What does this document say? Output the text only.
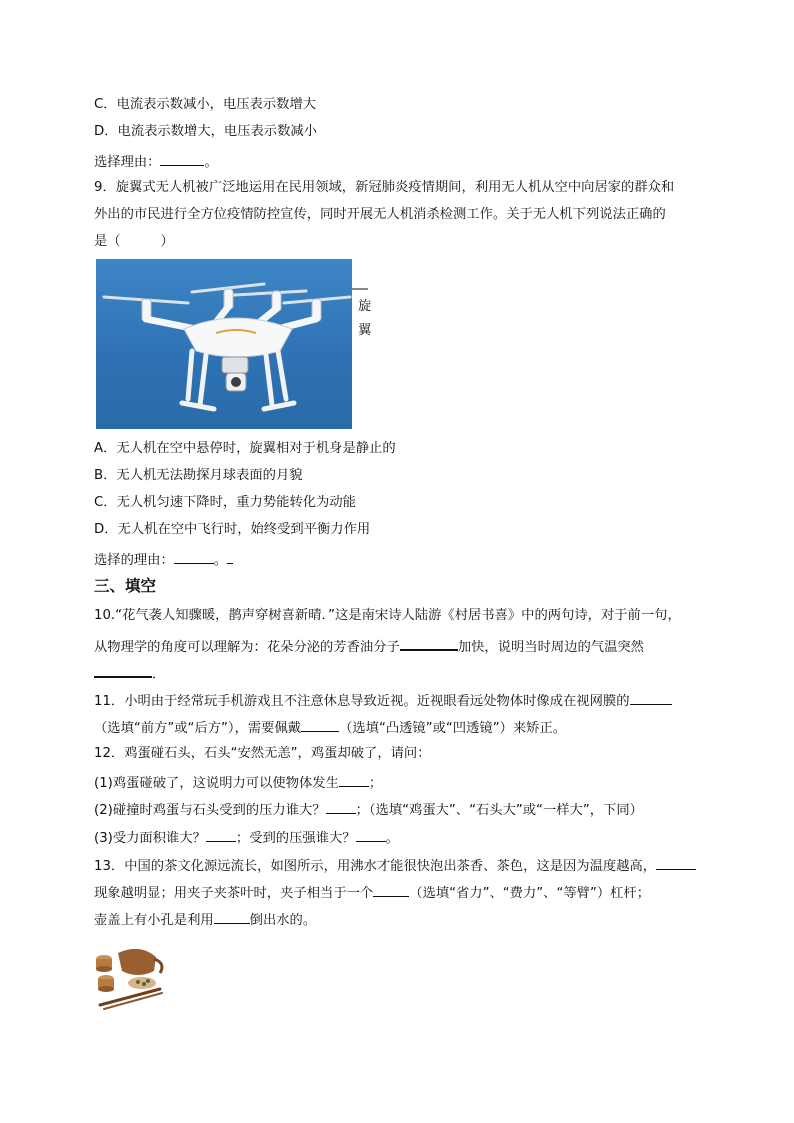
C．电流表示数减小，电压表示数增大
D．电流表示数增大，电压表示数减小
选择理由：	。
9．旋翼式无人机被广泛地运用在民用领域，新冠肺炎疫情期间，利用无人机从空中向居家的群众和
外出的市民进行全方位疫情防控宣传，同时开展无人机消杀检测工作。关于无人机下列说法正确的
是（　　　）
旋
翼
A．无人机在空中悬停时，旋翼相对于机身是静止的
B．无人机无法勘探月球表面的月貌
C．无人机匀速下降时，重力势能转化为动能
D．无人机在空中飞行时，始终受到平衡力作用
选择的理由：	。
三、填空
10.“花气袭人知骤暖，鹊声穿树喜新晴．”这是南宋诗人陆游《村居书喜》中的两句诗，对于前一句，
从物理学的角度可以理解为：花朵分泌的芳香油分子	加快，说明当时周边的气温突然
．
11．小明由于经常玩手机游戏且不注意休息导致近视。近视眼看远处物体时像成在视网膜的
（选填“前方”或“后方”），需要佩戴	（选填“凸透镜”或“凹透镜”）来矫正。
12．鸡蛋碰石头，石头“安然无恙”，鸡蛋却破了，请问：
(1)鸡蛋碰破了，这说明力可以使物体发生 ；
(2)碰撞时鸡蛋与石头受到的压力谁大？ ；（选填“鸡蛋大”、“石头大”或“一样大”，下同）
(3)受力面积谁大？ ；受到的压强谁大？ 。
13．中国的茶文化源远流长，如图所示，用沸水才能很快泡出茶香、茶色，这是因为温度越高，
现象越明显；用夹子夹茶叶时，夹子相当于一个	（选填“省力”、“费力”、“等臂”）杠杆；
壶盖上有小孔是利用	倒出水的。
